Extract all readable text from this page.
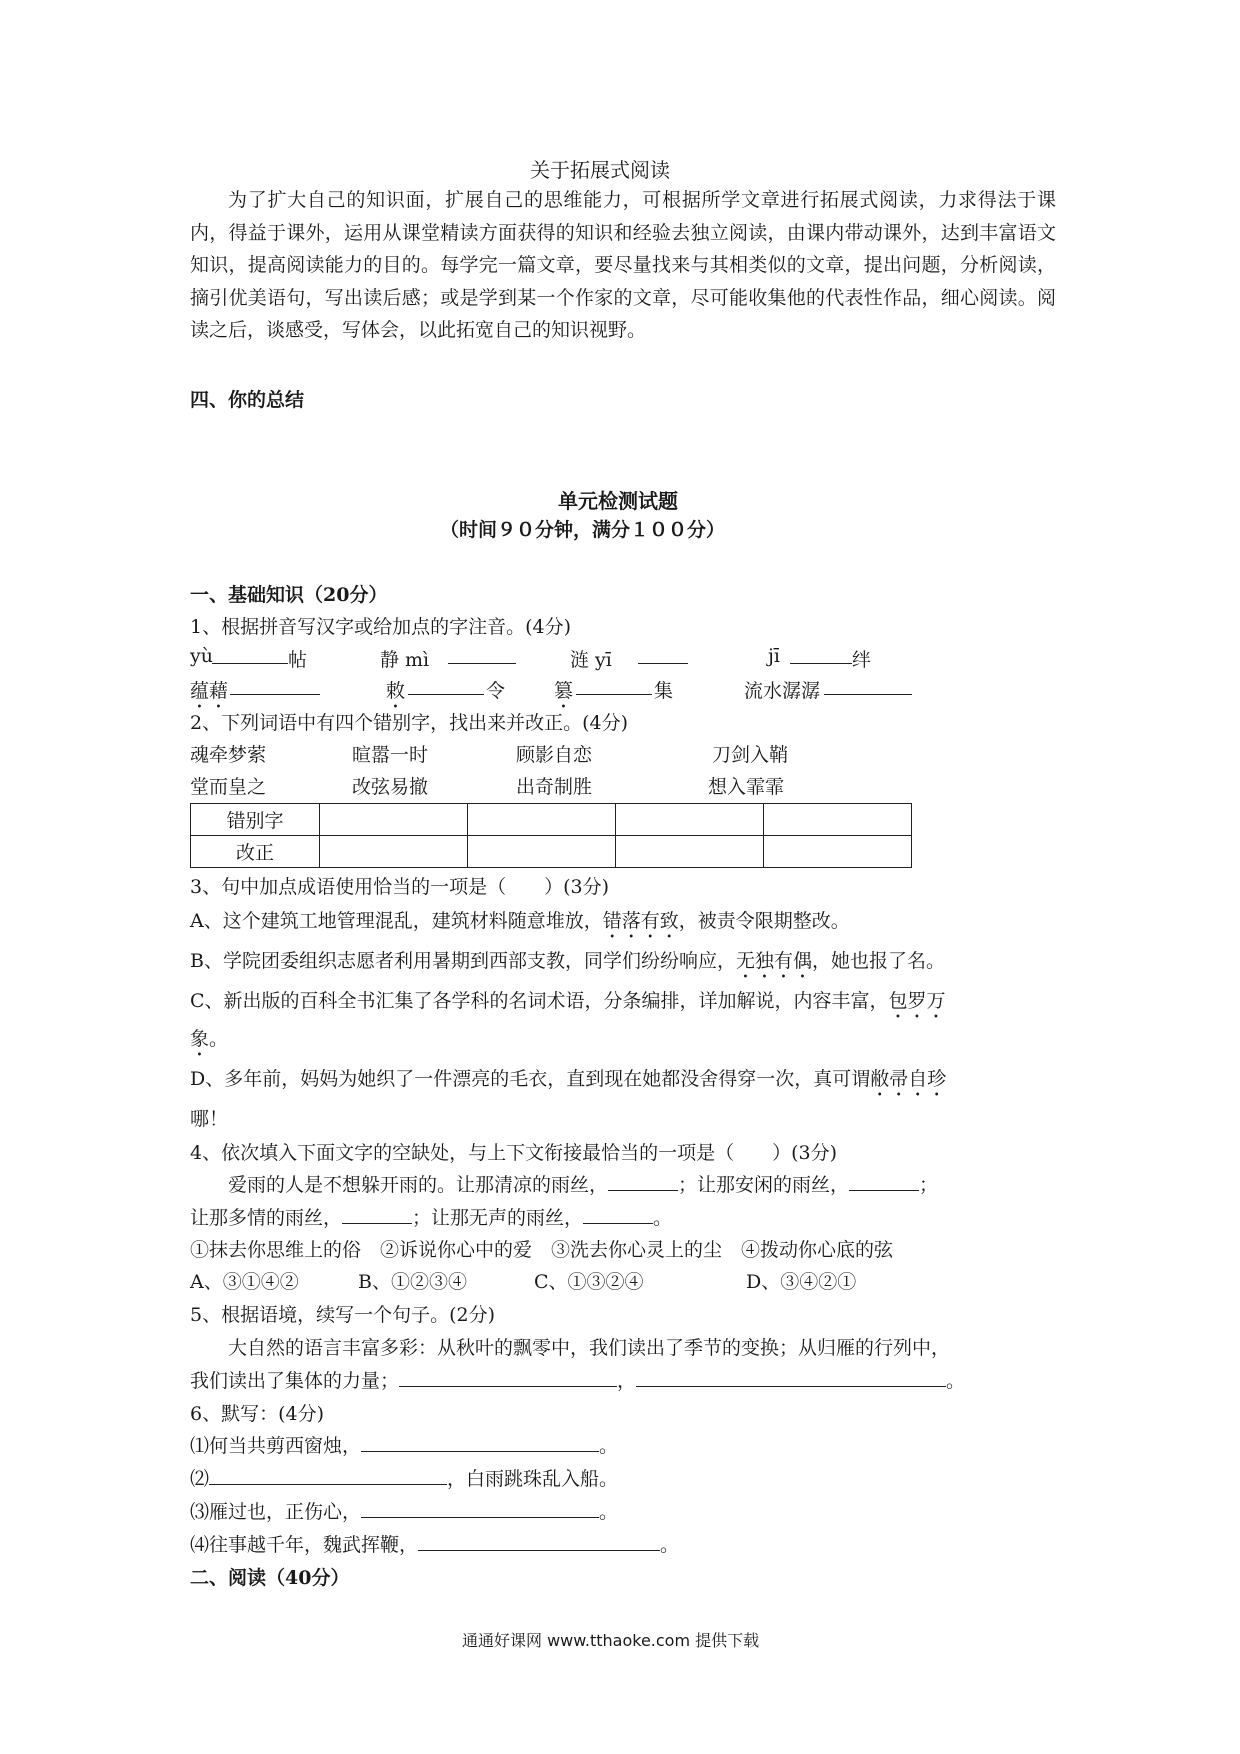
关于拓展式阅读
为了扩大自己的知识面，扩展自己的思维能力，可根据所学文章进行拓展式阅读，力求得法于课内，得益于课外，运用从课堂精读方面获得的知识和经验去独立阅读，由课内带动课外，达到丰富语文知识，提高阅读能力的目的。每学完一篇文章，要尽量找来与其相类似的文章，提出问题，分析阅读，摘引优美语句，写出读后感；或是学到某一个作家的文章，尽可能收集他的代表性作品，细心阅读。阅读之后，谈感受，写体会，以此拓宽自己的知识视野。
四、你的总结
单元检测试题
（时间９０分钟，满分１００分）
一、基础知识（20分）
1、根据拼音写汉字或给加点的字注音。(4分)
yù	帖	静 mì	涟 yī	jī	绊
蕴藉	敕	令	篡	集	流水潺潺
2、下列词语中有四个错别字，找出来并改正。(4分)
魂牵梦萦	暄嚣一时	顾影自恋	刀剑入鞘
堂而皇之	改弦易撤	出奇制胜	想入霏霏
错别字				
改正				
3、句中加点成语使用恰当的一项是（　　）(3分)
A、这个建筑工地管理混乱，建筑材料随意堆放，错落有致，被责令限期整改。
B、学院团委组织志愿者利用暑期到西部支教，同学们纷纷响应，无独有偶，她也报了名。
C、新出版的百科全书汇集了各学科的名词术语，分条编排，详加解说，内容丰富，包罗万
象。
D、多年前，妈妈为她织了一件漂亮的毛衣，直到现在她都没舍得穿一次，真可谓敝帚自珍
哪！
4、依次填入下面文字的空缺处，与上下文衔接最恰当的一项是（　　）(3分)
爱雨的人是不想躲开雨的。让那清凉的雨丝，	；让那安闲的雨丝，	；
让那多情的雨丝，	；让那无声的雨丝，	。
①抹去你思维上的俗　②诉说你心中的爱　③洗去你心灵上的尘　④拨动你心底的弦
A、③①④②	B、①②③④	C、①③②④	D、③④②①
5、根据语境，续写一个句子。(2分)
大自然的语言丰富多彩：从秋叶的飘零中，我们读出了季节的变换；从归雁的行列中，
我们读出了集体的力量；	，	。
6、默写：(4分)
⑴何当共剪西窗烛，	。
⑵	，白雨跳珠乱入船。
⑶雁过也，正伤心，	。
⑷往事越千年，魏武挥鞭，	。
二、阅读（40分）
通通好课网 www.tthaoke.com 提供下载
